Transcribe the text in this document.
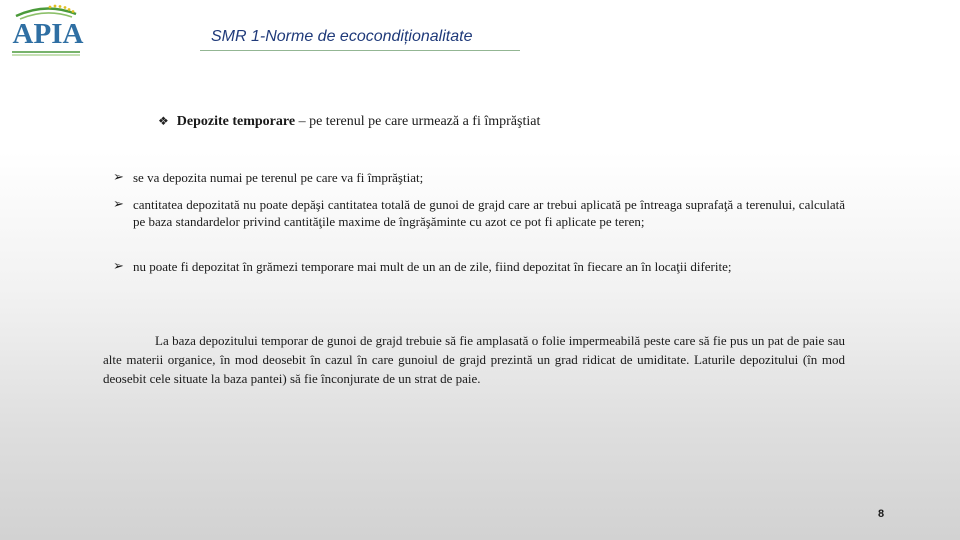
APIA	SMR 1-Norme de ecocondiționalitate
❖ Depozite temporare – pe terenul pe care urmează a fi împrăştiat
➢ se va depozita numai pe terenul pe care va fi împrăştiat;
➢ cantitatea depozitată nu poate depăşi cantitatea totală de gunoi de grajd care ar trebui aplicată pe întreaga suprafaţă a terenului, calculată pe baza standardelor privind cantităţile maxime de îngrăşăminte cu azot ce pot fi aplicate pe teren;
➢ nu poate fi depozitat în grămezi temporare mai mult de un an de zile, fiind depozitat în fiecare an în locaţii diferite;
La baza depozitului temporar de gunoi de grajd trebuie să fie amplasată o folie impermeabilă peste care să fie pus un pat de paie sau alte materii organice, în mod deosebit în cazul în care gunoiul de grajd prezintă un grad ridicat de umiditate. Laturile depozitului (în mod deosebit cele situate la baza pantei) să fie înconjurate de un strat de paie.
8
